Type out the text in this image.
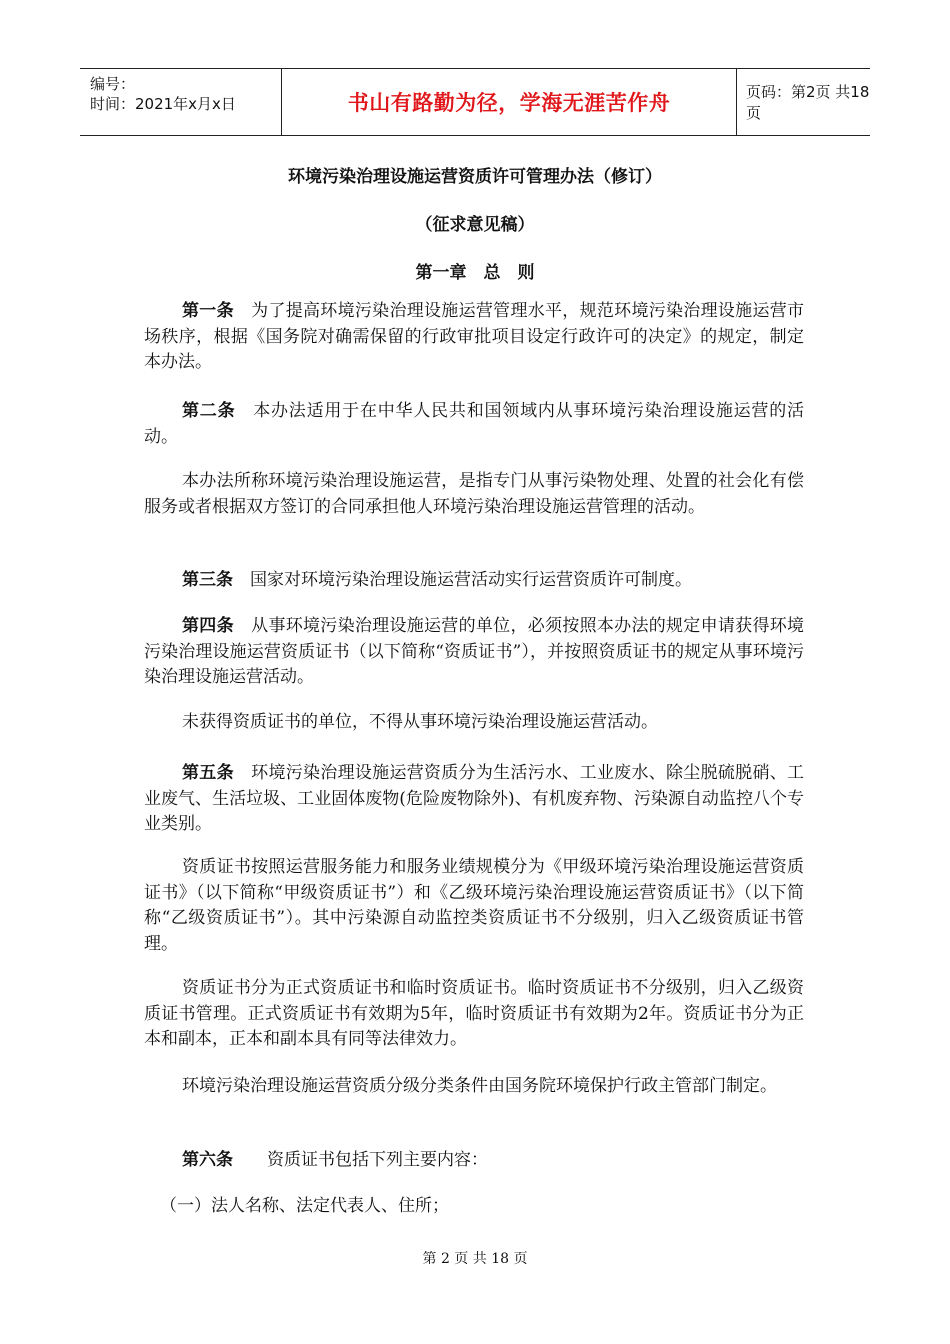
编号：
时间：2021年x月x日	书山有路勤为径，学海无涯苦作舟	页码：第2页 共18页
环境污染治理设施运营资质许可管理办法（修订）
（征求意见稿）
第一章　总　则
第一条　 为了提高环境污染治理设施运营管理水平，规范环境污染治理设施运营市场秩序，根据《国务院对确需保留的行政审批项目设定行政许可的决定》的规定，制定本办法。
第二条　 本办法适用于在中华人民共和国领域内从事环境污染治理设施运营的活动。
本办法所称环境污染治理设施运营，是指专门从事污染物处理、处置的社会化有偿服务或者根据双方签订的合同承担他人环境污染治理设施运营管理的活动。
第三条　 国家对环境污染治理设施运营活动实行运营资质许可制度。
第四条　 从事环境污染治理设施运营的单位，必须按照本办法的规定申请获得环境污染治理设施运营资质证书（以下简称“资质证书”），并按照资质证书的规定从事环境污染治理设施运营活动。
未获得资质证书的单位，不得从事环境污染治理设施运营活动。
第五条　 环境污染治理设施运营资质分为生活污水、工业废水、除尘脱硫脱硝、工业废气、生活垃圾、工业固体废物(危险废物除外)、有机废弃物、污染源自动监控八个专业类别。
资质证书按照运营服务能力和服务业绩规模分为《甲级环境污染治理设施运营资质证书》（以下简称“甲级资质证书”）和《乙级环境污染治理设施运营资质证书》（以下简称“乙级资质证书”）。其中污染源自动监控类资质证书不分级别，归入乙级资质证书管理。
资质证书分为正式资质证书和临时资质证书。临时资质证书不分级别，归入乙级资质证书管理。正式资质证书有效期为5年，临时资质证书有效期为2年。资质证书分为正本和副本，正本和副本具有同等法律效力。
环境污染治理设施运营资质分级分类条件由国务院环境保护行政主管部门制定。
第六条　　 资质证书包括下列主要内容：
（一）法人名称、法定代表人、住所；
第 2 页 共 18 页
